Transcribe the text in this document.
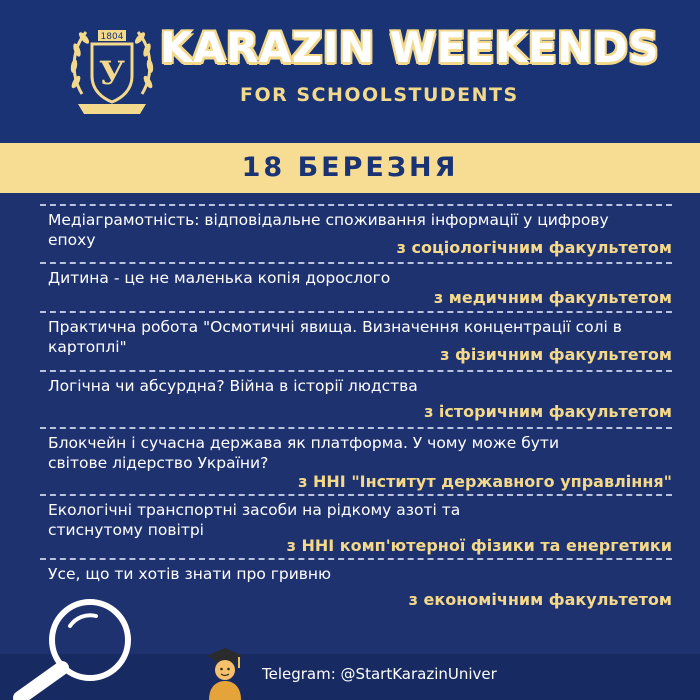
У
1804 KARAZIN WEEKENDS
FOR SCHOOLSTUDENTS
18 БЕРЕЗНЯ
Медіаграмотність: відповідальне споживання інформації у цифрову епоху	з соціологічним факультетом
Дитина - це не маленька копія дорослого
з медичним факультетом
Практична робота "Осмотичні явища. Визначення концентрації солі в картоплі"	з фізичним факультетом
Логічна чи абсурдна? Війна в історії людства
з історичним факультетом
Блокчейн і сучасна держава як платформа. У чому може бути світове лідерство України?
з ННІ "Інститут державного управління"
Екологічні транспортні засоби на рідкому азоті та стиснутому повітрі
з ННІ комп'ютерної фізики та енергетики
Усе, що ти хотів знати про гривню
з економічним факультетом
Telegram: @StartKarazinUniver
